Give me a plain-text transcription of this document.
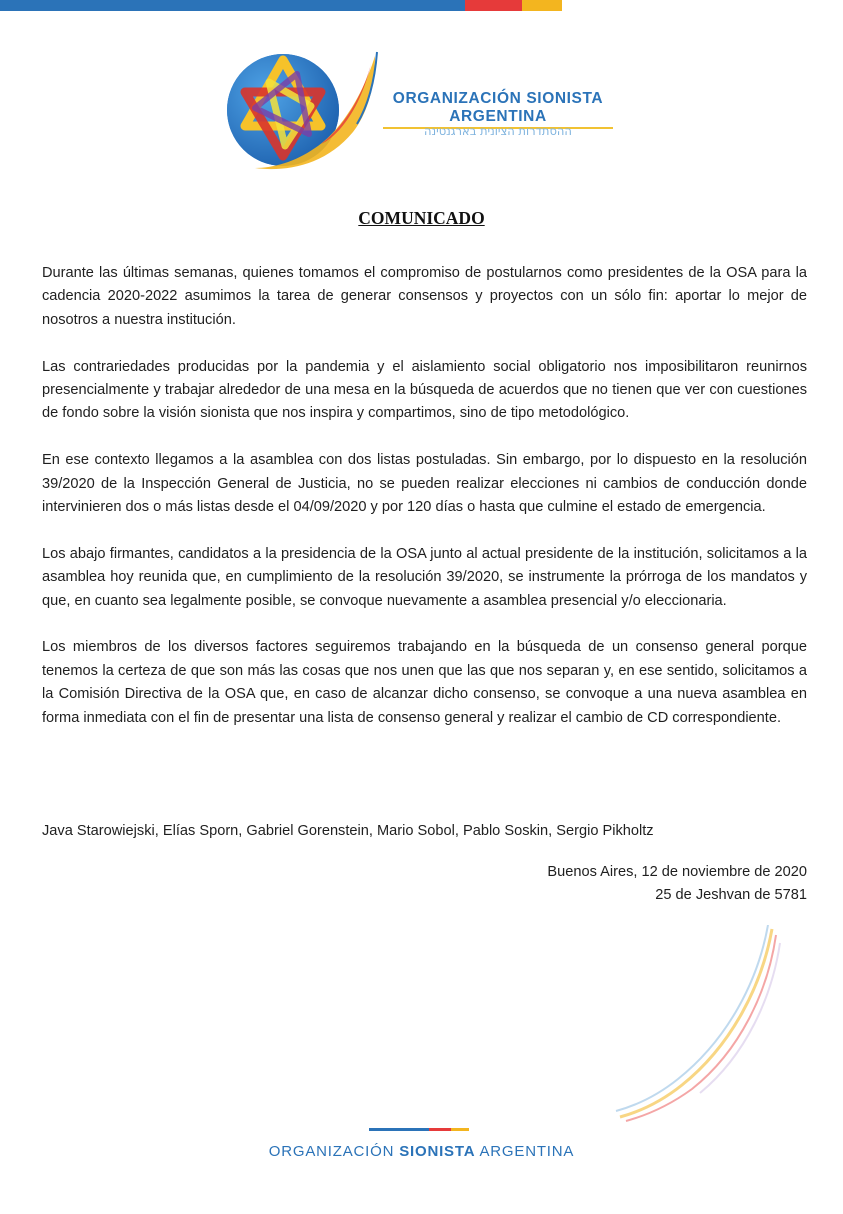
ORGANIZACIÓN SIONISTA
ARGENTINA
ההסתדרות הציונית בארגנטינה
COMUNICADO

Durante las últimas semanas, quienes tomamos el compromiso de postularnos como presidentes de la OSA para la cadencia 2020-2022 asumimos la tarea de generar consensos y proyectos con un sólo fin: aportar lo mejor de nosotros a nuestra institución.

Las contrariedades producidas por la pandemia y el aislamiento social obligatorio nos imposibilitaron reunirnos presencialmente y trabajar alrededor de una mesa en la búsqueda de acuerdos que no tienen que ver con cuestiones de fondo sobre la visión sionista que nos inspira y compartimos, sino de tipo metodológico.

En ese contexto llegamos a la asamblea con dos listas postuladas. Sin embargo, por lo dispuesto en la resolución 39/2020 de la Inspección General de Justicia, no se pueden realizar elecciones ni cambios de conducción donde intervinieren dos o más listas desde el 04/09/2020 y por 120 días o hasta que culmine el estado de emergencia.

Los abajo firmantes, candidatos a la presidencia de la OSA junto al actual presidente de la institución, solicitamos a la asamblea hoy reunida que, en cumplimiento de la resolución 39/2020, se instrumente la prórroga de los mandatos y que, en cuanto sea legalmente posible, se convoque nuevamente a asamblea presencial y/o eleccionaria.

Los miembros de los diversos factores seguiremos trabajando en la búsqueda de un consenso general porque tenemos la certeza de que son más las cosas que nos unen que las que nos separan y, en ese sentido, solicitamos a la Comisión Directiva de la OSA que, en caso de alcanzar dicho consenso, se convoque a una nueva asamblea en forma inmediata con el fin de presentar una lista de consenso general y realizar el cambio de CD correspondiente.

Java Starowiejski, Elías Sporn, Gabriel Gorenstein, Mario Sobol, Pablo Soskin, Sergio Pikholtz
Buenos Aires, 12 de noviembre de 2020
25 de Jeshvan de 5781
ORGANIZACIÓN SIONISTA ARGENTINA
